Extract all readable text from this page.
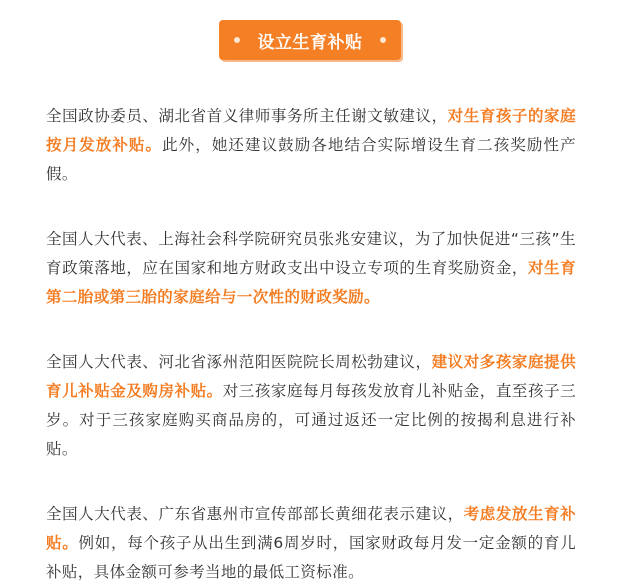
设立生育补贴

全国政协委员、湖北省首义律师事务所主任谢文敏建议，对生育孩子的家庭按月发放补贴。此外，她还建议鼓励各地结合实际增设生育二孩奖励性产假。

全国人大代表、上海社会科学院研究员张兆安建议，为了加快促进“三孩”生育政策落地，应在国家和地方财政支出中设立专项的生育奖励资金，对生育第二胎或第三胎的家庭给与一次性的财政奖励。

全国人大代表、河北省涿州范阳医院院长周松勃建议，建议对多孩家庭提供育儿补贴金及购房补贴。对三孩家庭每月每孩发放育儿补贴金，直至孩子三岁。对于三孩家庭购买商品房的，可通过返还一定比例的按揭利息进行补贴。

全国人大代表、广东省惠州市宣传部部长黄细花表示建议，考虑发放生育补贴。例如，每个孩子从出生到满6周岁时，国家财政每月发一定金额的育儿补贴，具体金额可参考当地的最低工资标准。
